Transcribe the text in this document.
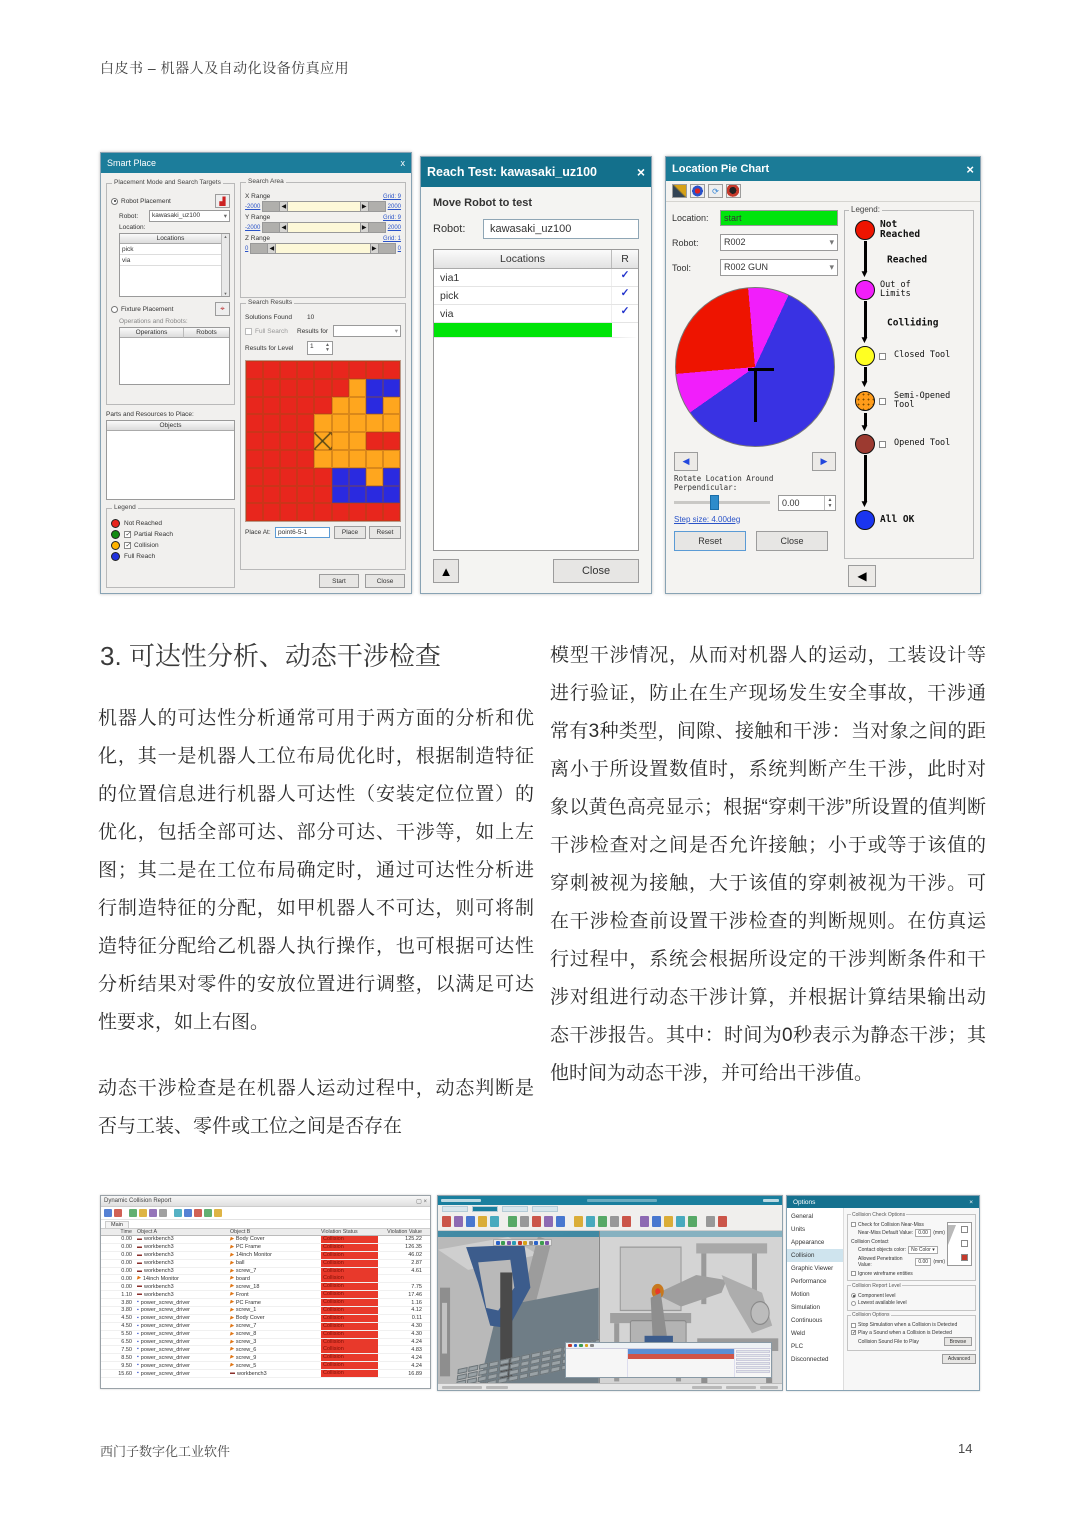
白皮书 – 机器人及自动化设备仿真应用
3. 可达性分析、动态干涉检查

机器人的可达性分析通常可用于两方面的分析和优化，其一是机器人工位布局优化时，根据制造特征的位置信息进行机器人可达性（安装定位位置）的优化，包括全部可达、部分可达、干涉等，如上左图；其二是在工位布局确定时，通过可达性分析进行制造特征的分配，如甲机器人不可达，则可将制造特征分配给乙机器人执行操作，也可根据可达性分析结果对零件的安放位置进行调整，以满足可达性要求，如上右图。

动态干涉检查是在机器人运动过程中，动态判断是否与工装、零件或工位之间是否存在

模型干涉情况，从而对机器人的运动，工装设计等进行验证，防止在生产现场发生安全事故，干涉通常有3种类型，间隙、接触和干涉：当对象之间的距离小于所设置数值时，系统判断产生干涉，此时对象以黄色高亮显示；根据“穿刺干涉”所设置的值判断干涉检查对之间是否允许接触；小于或等于该值的穿刺被视为接触，大于该值的穿刺被视为干涉。可在干涉检查前设置干涉检查的判断规则。在仿真运行过程中，系统会根据所设定的干涉判断条件和干涉对组进行动态干涉计算，并根据计算结果输出动态干涉报告。其中：时间为0秒表示为静态干涉；其他时间为动态干涉，并可给出干涉值。

西门子数字化工业软件	14
Smart Place	x
Placement Mode and Search Targets
Robot Placement	▟
Robot:	kawasaki_uz100	▾
Location:
Locations
pick
via
▲
▼
Fixture Placement	⌖
Operations and Robots:
Operations	Robots
Parts and Resources to Place:
Objects
Legend
Not Reached
✓
Partial Reach
✓
Collision
Full Reach
Search Area
X Range	Grid: 9
-2000	◀	▶	2000
Y Range	Grid: 9
-2000	◀	▶	2000
Z Range	Grid: 1
0	◀	▶	0
Search Results
Solutions Found	10
Full Search Results for	▾
Results for Level	1 ▲
▼
Place At:	point6-5-1	Place	Reset
Start	Close
Reach Test: kawasaki_uz100	×
Move Robot to test
Robot:	kawasaki_uz100
Locations	R
via1	✓
pick	✓
via	✓
▲	Close
Location Pie Chart	×
⟳
Location:	start
Robot:	R002	▾
Tool:	R002 GUN	▾
◀	▶
Rotate Location Around Perpendicular:
0.00	▲
▼
Step size: 4.00deg
Reset	Close
Legend:
Not Reached
Reached
▼
Out of Limits
Colliding
▼
Closed Tool
▼
Semi-Opened Tool
▼
Opened Tool
▼
All OK
◀
Dynamic Collision Report	▢ ×
Main
Time Object A	Object B	Violation Status	Violation Value
0.00	▬ workbench3	▶ Body Cover	Collision	125.22
0.00	▬ workbench3	▶ PC Frame	Collision	126.35
0.00	▬ workbench3	▶ 14inch Monitor	Collision	46.02
0.00	▬ workbench3	▶ ball	Collision	2.87
0.00	▬ workbench3	▶ screw_7	Collision	4.61
0.00	▶ 14inch Monitor	▶ board	Collision
0.00	▬ workbench3	▶ screw_18	Collision	7.75
1.10	▬ workbench3	▶ Front	Collision	17.46
3.80	▪ power_screw_driver	▶ PC Frame	Collision	1.16
3.80	▪ power_screw_driver	▶ screw_1	Collision	4.12
4.50	▪ power_screw_driver	▶ Body Cover	Collision	0.11
4.50	▪ power_screw_driver	▶ screw_7	Collision	4.30
5.50	▪ power_screw_driver	▶ screw_8	Collision	4.30
6.50	▪ power_screw_driver	▶ screw_3	Collision	4.24
7.50	▪ power_screw_driver	▶ screw_6	Collision	4.83
8.50	▪ power_screw_driver	▶ screw_9	Collision	4.24
9.50	▪ power_screw_driver	▶ screw_5	Collision	4.24
15.60	▪ power_screw_driver	▬ workbench3	Collision	16.89
Options	×
General
Units
Appearance
Collision
Graphic Viewer
Performance
Motion
Simulation
Continuous
Weld
PLC
Disconnected
Collision Check Options
Check for Collision Near-Miss
Near-Miss Default Value:	0.00	(mm)
Collision Contact
Contact objects color:	No Color ▾
Allowed Penetration Value:	0.00	(mm)
Ignore wireframe entities
Collision Report Level
Component level
Lowest available level
Collision Options
Stop Simulation when a Collision is Detected
✓
Play a Sound when a Collision is Detected
Collision Sound File to Play	Browse
Advanced
